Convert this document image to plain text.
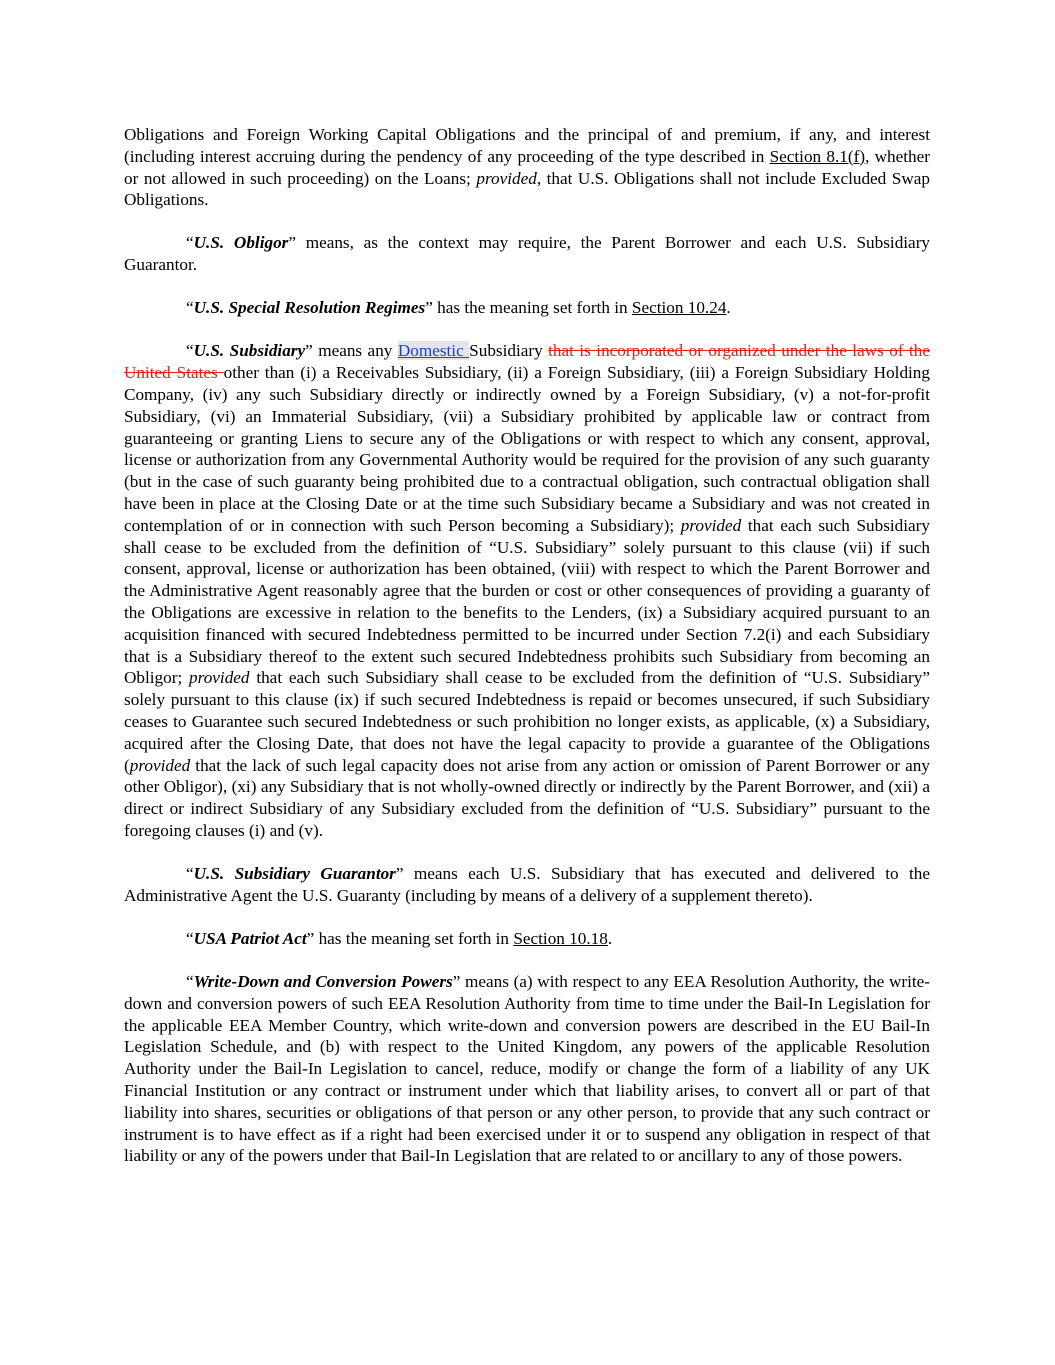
Obligations and Foreign Working Capital Obligations and the principal of and premium, if any, and interest (including interest accruing during the pendency of any proceeding of the type described in Section 8.1(f), whether or not allowed in such proceeding) on the Loans; provided, that U.S. Obligations shall not include Excluded Swap Obligations.

“U.S. Obligor” means, as the context may require, the Parent Borrower and each U.S. Subsidiary Guarantor.

“U.S. Special Resolution Regimes” has the meaning set forth in Section 10.24.

“U.S. Subsidiary” means any Domestic Subsidiary that is incorporated or organized under the laws of the United States other than (i) a Receivables Subsidiary, (ii) a Foreign Subsidiary, (iii) a Foreign Subsidiary Holding Company, (iv) any such Subsidiary directly or indirectly owned by a Foreign Subsidiary, (v) a not-for-profit Subsidiary, (vi) an Immaterial Subsidiary, (vii) a Subsidiary prohibited by applicable law or contract from guaranteeing or granting Liens to secure any of the Obligations or with respect to which any consent, approval, license or authorization from any Governmental Authority would be required for the provision of any such guaranty (but in the case of such guaranty being prohibited due to a contractual obligation, such contractual obligation shall have been in place at the Closing Date or at the time such Subsidiary became a Subsidiary and was not created in contemplation of or in connection with such Person becoming a Subsidiary); provided that each such Subsidiary shall cease to be excluded from the definition of “U.S. Subsidiary” solely pursuant to this clause (vii) if such consent, approval, license or authorization has been obtained, (viii) with respect to which the Parent Borrower and the Administrative Agent reasonably agree that the burden or cost or other consequences of providing a guaranty of the Obligations are excessive in relation to the benefits to the Lenders, (ix) a Subsidiary acquired pursuant to an acquisition financed with secured Indebtedness permitted to be incurred under Section 7.2(i) and each Subsidiary that is a Subsidiary thereof to the extent such secured Indebtedness prohibits such Subsidiary from becoming an Obligor; provided that each such Subsidiary shall cease to be excluded from the definition of “U.S. Subsidiary” solely pursuant to this clause (ix) if such secured Indebtedness is repaid or becomes unsecured, if such Subsidiary ceases to Guarantee such secured Indebtedness or such prohibition no longer exists, as applicable, (x) a Subsidiary, acquired after the Closing Date, that does not have the legal capacity to provide a guarantee of the Obligations (provided that the lack of such legal capacity does not arise from any action or omission of Parent Borrower or any other Obligor), (xi) any Subsidiary that is not wholly-owned directly or indirectly by the Parent Borrower, and (xii) a direct or indirect Subsidiary of any Subsidiary excluded from the definition of “U.S. Subsidiary” pursuant to the foregoing clauses (i) and (v).

“U.S. Subsidiary Guarantor” means each U.S. Subsidiary that has executed and delivered to the Administrative Agent the U.S. Guaranty (including by means of a delivery of a supplement thereto).

“USA Patriot Act” has the meaning set forth in Section 10.18.

“Write-Down and Conversion Powers” means (a) with respect to any EEA Resolution Authority, the write-down and conversion powers of such EEA Resolution Authority from time to time under the Bail-In Legislation for the applicable EEA Member Country, which write-down and conversion powers are described in the EU Bail-In Legislation Schedule, and (b) with respect to the United Kingdom, any powers of the applicable Resolution Authority under the Bail-In Legislation to cancel, reduce, modify or change the form of a liability of any UK Financial Institution or any contract or instrument under which that liability arises, to convert all or part of that liability into shares, securities or obligations of that person or any other person, to provide that any such contract or instrument is to have effect as if a right had been exercised under it or to suspend any obligation in respect of that liability or any of the powers under that Bail-In Legislation that are related to or ancillary to any of those powers.
